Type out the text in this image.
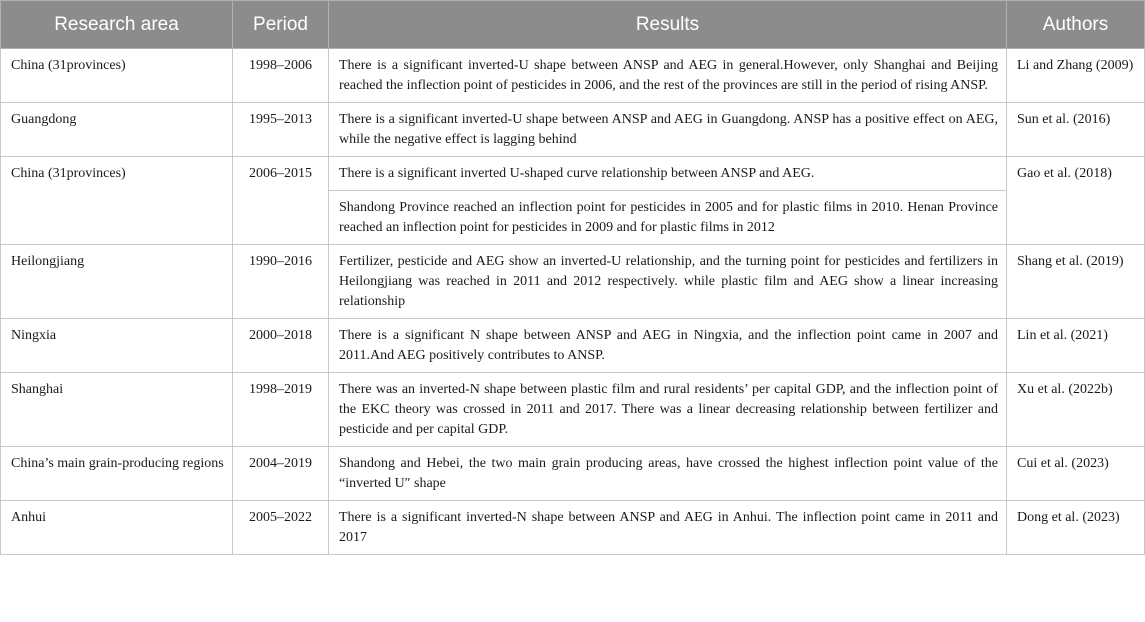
Research area	Period	Results	Authors
China (31provinces)	1998–2006	There is a significant inverted-U shape between ANSP and AEG in general.However, only Shanghai and Beijing reached the inflection point of pesticides in 2006, and the rest of the provinces are still in the period of rising ANSP.	Li and Zhang (2009)
Guangdong	1995–2013	There is a significant inverted-U shape between ANSP and AEG in Guangdong. ANSP has a positive effect on AEG, while the negative effect is lagging behind	Sun et al. (2016)
China (31provinces)	2006–2015	There is a significant inverted U-shaped curve relationship between ANSP and AEG.	Gao et al. (2018)
		Shandong Province reached an inflection point for pesticides in 2005 and for plastic films in 2010. Henan Province reached an inflection point for pesticides in 2009 and for plastic films in 2012	
Heilongjiang	1990–2016	Fertilizer, pesticide and AEG show an inverted-U relationship, and the turning point for pesticides and fertilizers in Heilongjiang was reached in 2011 and 2012 respectively. while plastic film and AEG show a linear increasing relationship	Shang et al. (2019)
Ningxia	2000–2018	There is a significant N shape between ANSP and AEG in Ningxia, and the inflection point came in 2007 and 2011.And AEG positively contributes to ANSP.	Lin et al. (2021)
Shanghai	1998–2019	There was an inverted-N shape between plastic film and rural residents’ per capital GDP, and the inflection point of the EKC theory was crossed in 2011 and 2017. There was a linear decreasing relationship between fertilizer and pesticide and per capital GDP.	Xu et al. (2022b)
China’s main grain-producing regions	2004–2019	Shandong and Hebei, the two main grain producing areas, have crossed the highest inflection point value of the “inverted U″ shape	Cui et al. (2023)
Anhui	2005–2022	There is a significant inverted-N shape between ANSP and AEG in Anhui. The inflection point came in 2011 and 2017	Dong et al. (2023)
